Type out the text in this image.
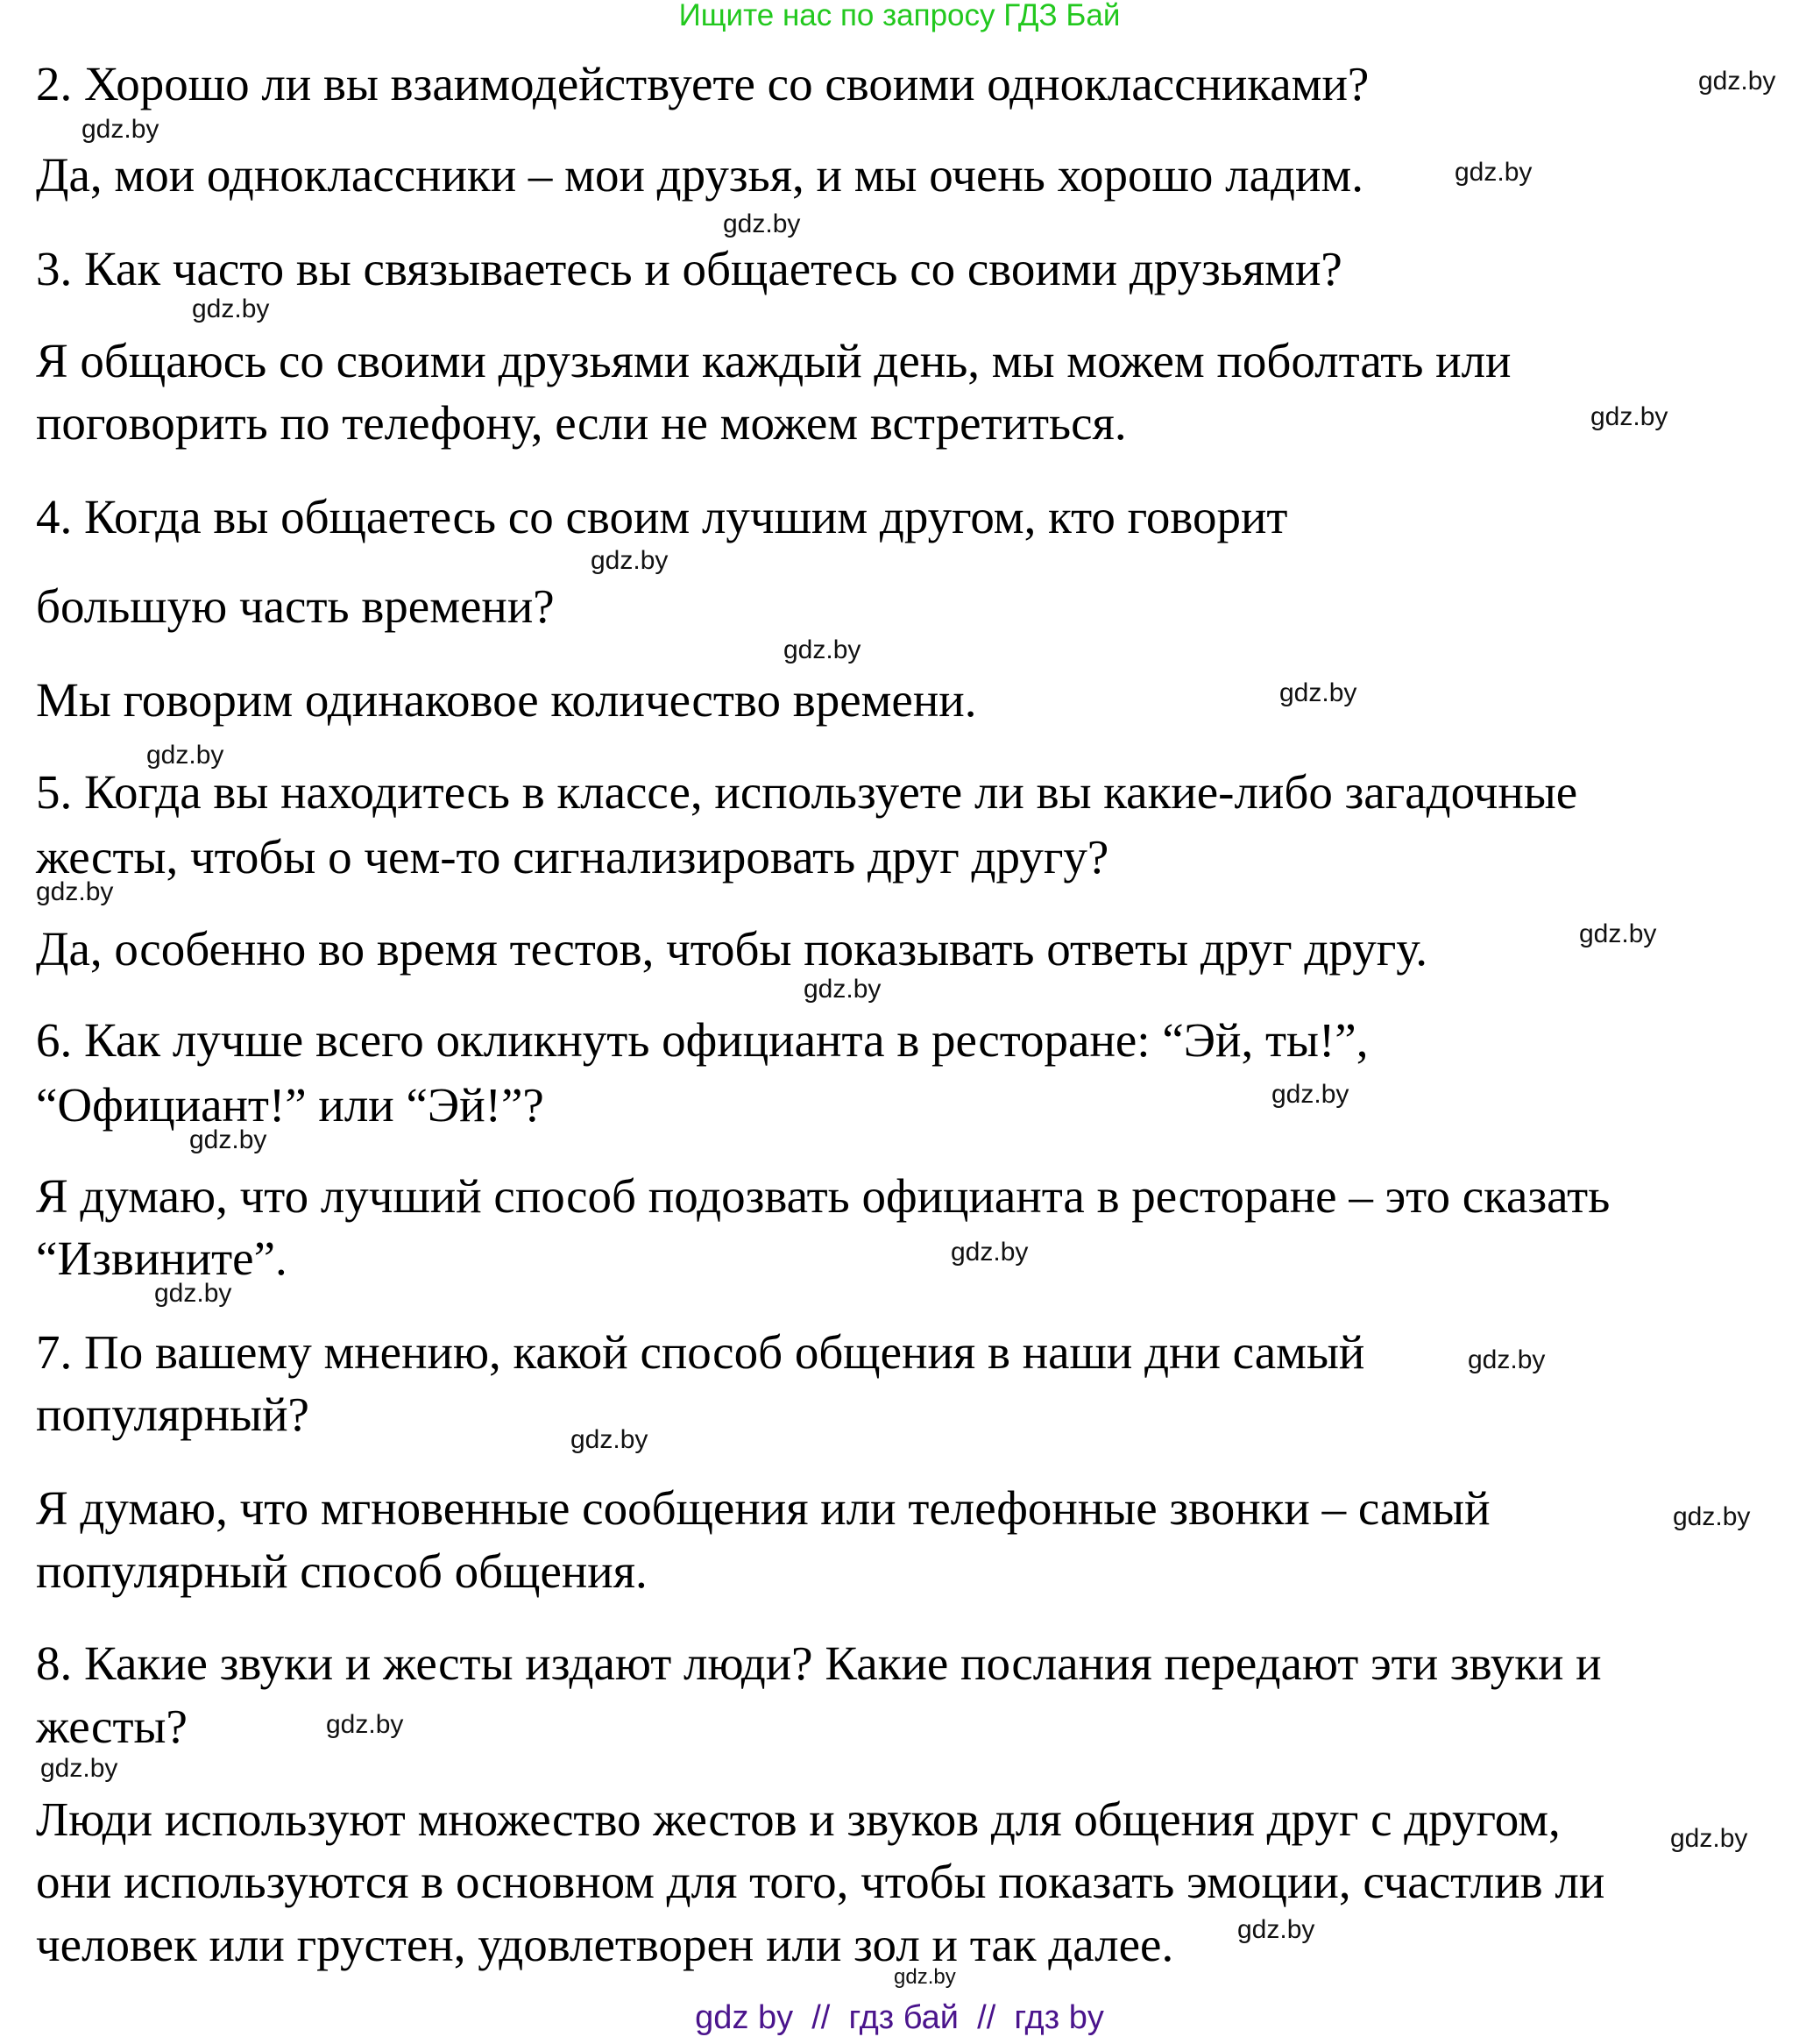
Ищите нас по запросу ГДЗ Бай
2. Хорошо ли вы взаимодействуете со своими одноклассниками?
Да, мои одноклассники – мои друзья, и мы очень хорошо ладим.
3. Как часто вы связываетесь и общаетесь со своими друзьями?
Я общаюсь со своими друзьями каждый день, мы можем поболтать или
поговорить по телефону, если не можем встретиться.
4. Когда вы общаетесь со своим лучшим другом, кто говорит
большую часть времени?
Мы говорим одинаковое количество времени.
5. Когда вы находитесь в классе, используете ли вы какие-либо загадочные
жесты, чтобы о чем-то сигнализировать друг другу?
Да, особенно во время тестов, чтобы показывать ответы друг другу.
6. Как лучше всего окликнуть официанта в ресторане: “Эй, ты!”,
“Официант!” или “Эй!”?
Я думаю, что лучший способ подозвать официанта в ресторане – это сказать
“Извините”.
7. По вашему мнению, какой способ общения в наши дни самый
популярный?
Я думаю, что мгновенные сообщения или телефонные звонки – самый
популярный способ общения.
8. Какие звуки и жесты издают люди? Какие послания передают эти звуки и
жесты?
Люди используют множество жестов и звуков для общения друг с другом,
они используются в основном для того, чтобы показать эмоции, счастлив ли
человек или грустен, удовлетворен или зол и так далее.
gdz.by
gdz.by
gdz.by
gdz.by
gdz.by
gdz.by
gdz.by
gdz.by
gdz.by
gdz.by
gdz.by
gdz.by
gdz.by
gdz.by
gdz.by
gdz.by
gdz.by
gdz.by
gdz.by
gdz.by
gdz.by
gdz.by
gdz.by
gdz.by
gdz.by
gdz by  //  гдз бай  //  гдз by
